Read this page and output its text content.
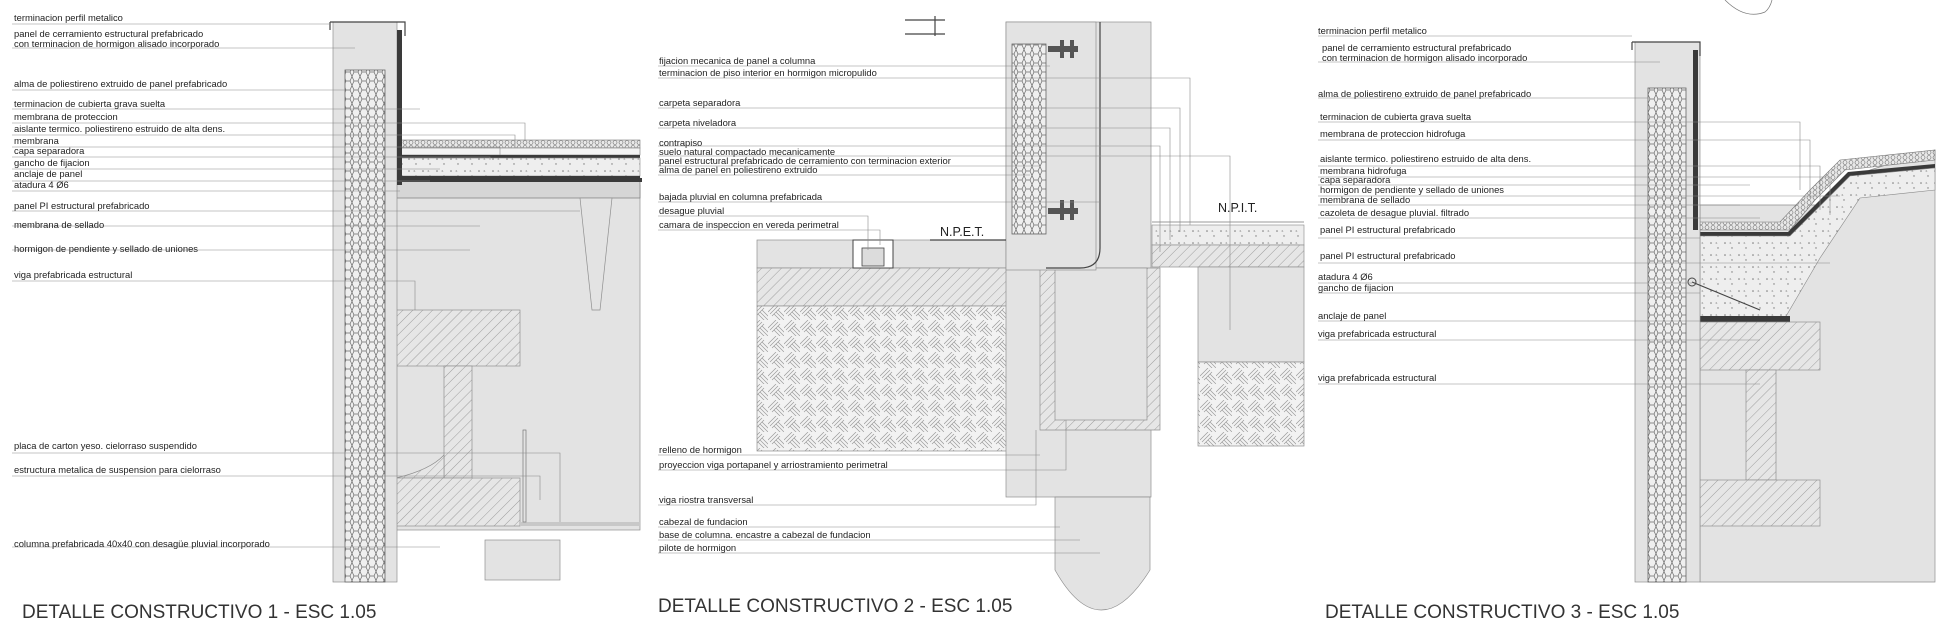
terminacion perfil metalico
panel de cerramiento estructural prefabricado
con terminacion de hormigon alisado incorporado
alma de poliestireno extruido de panel prefabricado
terminacion de cubierta grava suelta
membrana de proteccion
aislante termico. poliestireno estruido de alta dens.
membrana
capa separadora
gancho de fijacion
anclaje de panel
atadura 4 Ø6
panel PI estructural prefabricado
membrana de sellado
hormigon de pendiente y sellado de uniones
viga prefabricada estructural
placa de carton yeso. cielorraso suspendido
estructura metalica de suspension para cielorraso
columna prefabricada 40x40 con desagüe pluvial incorporado
DETALLE CONSTRUCTIVO 1 - ESC 1.05
N.P.E.T.
N.P.I.T.
fijacion mecanica de panel a columna
terminacion de piso interior en hormigon micropulido
carpeta separadora
carpeta niveladora
contrapiso
suelo natural compactado mecanicamente
panel estructural prefabricado de cerramiento con terminacion exterior
alma de panel en poliestireno extruido
bajada pluvial en columna prefabricada
desague pluvial
camara de inspeccion en vereda perimetral
relleno de hormigon
proyeccion viga portapanel y arriostramiento perimetral
viga riostra transversal
cabezal de fundacion
base de columna. encastre a cabezal de fundacion
pilote de hormigon
DETALLE CONSTRUCTIVO 2 - ESC 1.05
terminacion perfil metalico
panel de cerramiento estructural prefabricado
con terminacion de hormigon alisado incorporado
alma de poliestireno extruido de panel prefabricado
terminacion de cubierta grava suelta
membrana de proteccion hidrofuga
aislante termico. poliestireno estruido de alta dens.
membrana hidrofuga
capa separadora
hormigon de pendiente y sellado de uniones
membrana de sellado
cazoleta de desague pluvial. filtrado
panel PI estructural prefabricado
panel PI estructural prefabricado
atadura 4 Ø6
gancho de fijacion
anclaje de panel
viga prefabricada estructural
viga prefabricada estructural
DETALLE CONSTRUCTIVO 3 - ESC 1.05
